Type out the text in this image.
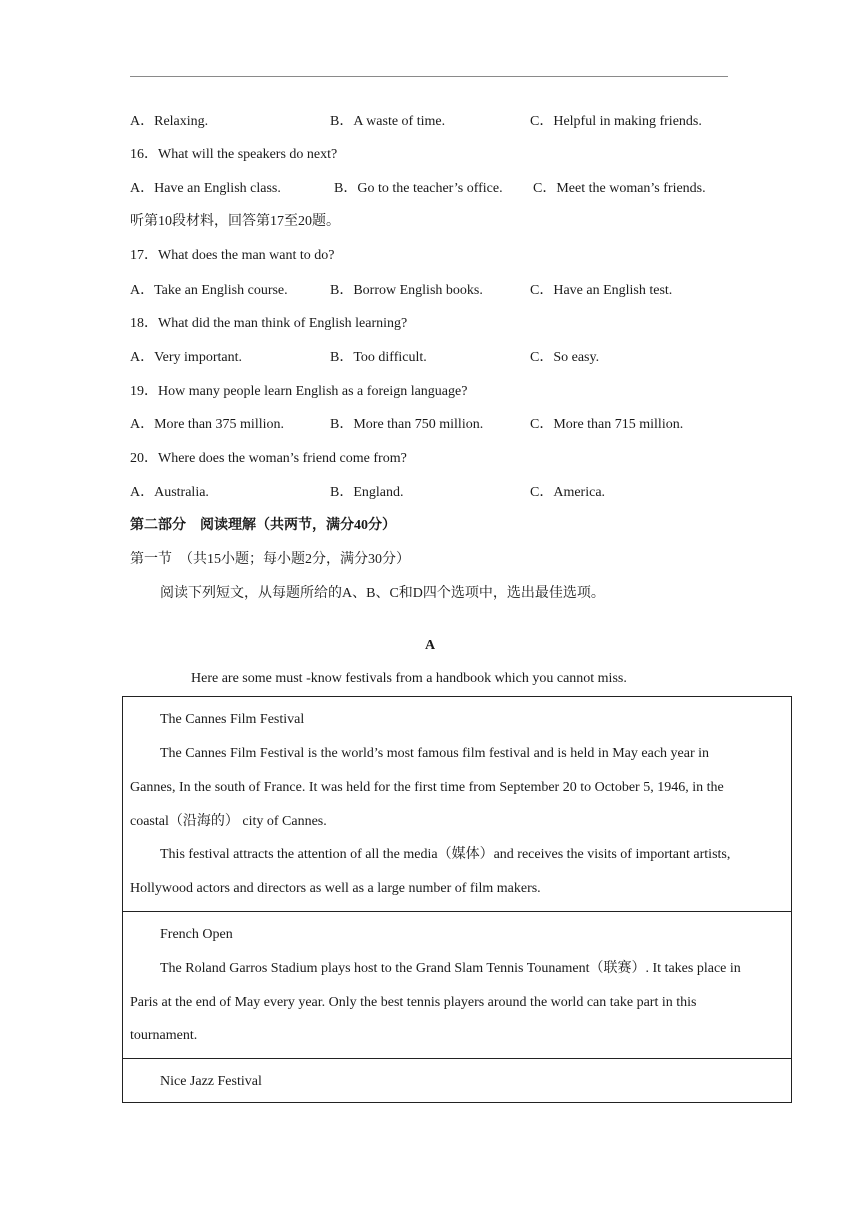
A．Relaxing.	B．A waste of time.	C．Helpful in making friends.
16．What will the speakers do next?
A．Have an English class.	B．Go to the teacher’s office. C．Meet the woman’s friends.
听第10段材料，回答第17至20题。
17．What does the man want to do?
A．Take an English course.	B．Borrow English books.	C．Have an English test.
18．What did the man think of English learning?
A．Very important.	B．Too difficult.	C．So easy.
19．How many people learn English as a foreign language?
A．More than 375 million.	B．More than 750 million.	C．More than 715 million.
20．Where does the woman’s friend come from?
A．Australia.	B．England.	C．America.
第二部分　阅读理解（共两节，满分40分）
第一节　（共15小题；每小题2分，满分30分）
阅读下列短文，从每题所给的A、B、C和D四个选项中，选出最佳选项。
A
Here are some must -know festivals from a handbook which you cannot miss.
The Cannes Film Festival
The Cannes Film Festival is the world’s most famous film festival and is held in May each year in
Gannes, In the south of France. It was held for the first time from September 20 to October 5, 1946, in the
coastal（沿海的） city of Cannes.
This festival attracts the attention of all the media（媒体）and receives the visits of important artists,
Hollywood actors and directors as well as a large number of film makers.
French Open
The Roland Garros Stadium plays host to the Grand Slam Tennis Tounament（联赛）. It takes place in
Paris at the end of May every year. Only the best tennis players around the world can take part in this
tournament.
Nice Jazz Festival
